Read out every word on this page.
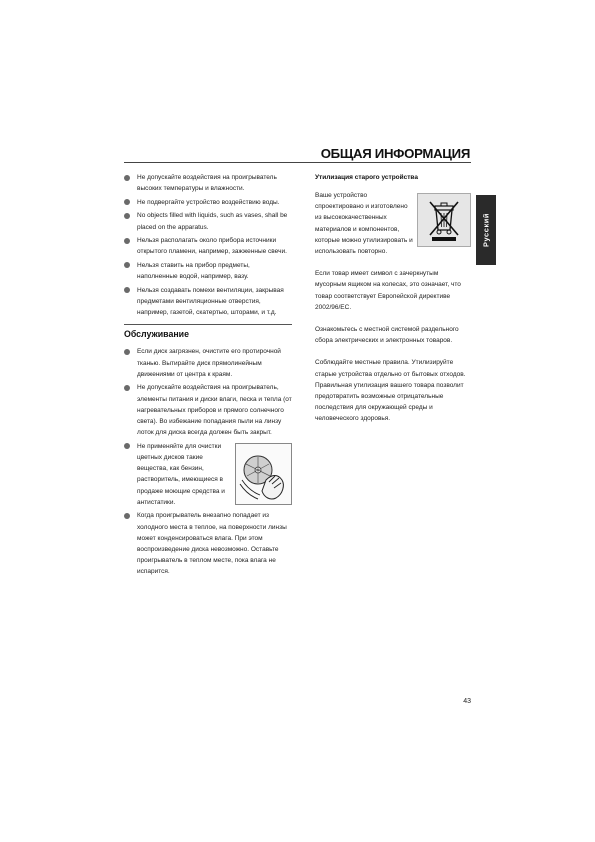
ОБЩАЯ ИНФОРМАЦИЯ
Русский
Не допускайте воздействия на проигрыватель высоких температуры и влажности.
Не подвергайте устройство воздействию воды.
No objects filled with liquids, such as vases, shall be placed on the apparatus.
Нельзя располагать около прибора источники открытого пламени, например, зажженные свечи.
Нельзя ставить на прибор предметы, наполненные водой, например, вазу.
Нельзя создавать помехи вентиляции, закрывая предметами вентиляционные отверстия, например, газетой, скатертью, шторами, и т.д.
Обслуживание
Если диск загрязнен, очистите его протирочной тканью. Вытирайте диск прямолинейным движениями от центра к краям.
Не допускайте воздействия на проигрыватель, элементы питания и диски влаги, песка и тепла (от нагревательных приборов и прямого солнечного света). Во избежание попадания пыли на линзу лоток для диска всегда должен быть закрыт.
Не применяйте для очистки цветных дисков такие вещества, как бензин, растворитель, имеющиеся в продаже моющие средства и антистатики.
Когда проигрыватель внезапно попадает из холодного места в теплое, на поверхности линзы может конденсироваться влага. При этом воспроизведение диска невозможно. Оставьте проигрыватель в теплом месте, пока влага не испарится.
Утилизация старого устройства
Ваше устройство спроектировано и изготовлено из высококачественных материалов и компонентов, которые можно утилизировать и использовать повторно.

Если товар имеет символ с зачеркнутым мусорным ящиком на колесах, это означает, что товар соответствует Европейской директиве 2002/96/EC.

Ознакомьтесь с местной системой раздельного сбора электрических и электронных товаров.

Соблюдайте местные правила. Утилизируйте старые устройства отдельно от бытовых отходов. Правильная утилизация вашего товара позволит предотвратить возможные отрицательные последствия для окружающей среды и человеческого здоровья.

43
